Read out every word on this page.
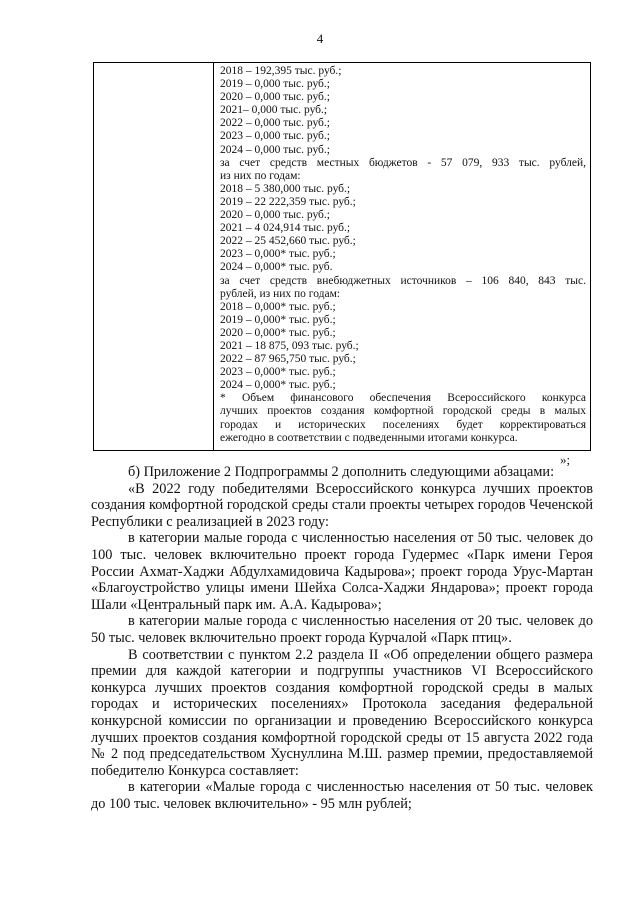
4
2018 – 192,395 тыс. руб.;
2019 – 0,000 тыс. руб.;
2020 – 0,000 тыс. руб.;
2021– 0,000 тыс. руб.;
2022 – 0,000 тыс. руб.;
2023 – 0,000 тыс. руб.;
2024 – 0,000 тыс. руб.;
за счет средств местных бюджетов - 57 079, 933 тыс. рублей,
из них по годам:
2018 – 5 380,000 тыс. руб.;
2019 – 22 222,359 тыс. руб.;
2020 – 0,000 тыс. руб.;
2021 – 4 024,914 тыс. руб.;
2022 – 25 452,660 тыс. руб.;
2023 – 0,000* тыс. руб.;
2024 – 0,000* тыс. руб.
за счет средств внебюджетных источников – 106 840, 843 тыс.
рублей, из них по годам:
2018 – 0,000* тыс. руб.;
2019 – 0,000* тыс. руб.;
2020 – 0,000* тыс. руб.;
2021 – 18 875, 093 тыс. руб.;
2022 – 87 965,750 тыс. руб.;
2023 – 0,000* тыс. руб.;
2024 – 0,000* тыс. руб.;
* Объем финансового обеспечения Всероссийского конкурса
лучших проектов создания комфортной городской среды в малых
городах и исторических поселениях будет корректироваться
ежегодно в соответствии с подведенными итогами конкурса.
»;

б) Приложение 2 Подпрограммы 2 дополнить следующими абзацами:

«В 2022 году победителями Всероссийского конкурса лучших проектов создания комфортной городской среды стали проекты четырех городов Чеченской Республики с реализацией в 2023 году:

в категории малые города с численностью населения от 50 тыс. человек до 100 тыс. человек включительно проект города Гудермес «Парк имени Героя России Ахмат-Хаджи Абдулхамидовича Кадырова»; проект города Урус-Мартан «Благоустройство улицы имени Шейха Солса-Хаджи Яндарова»; проект города Шали «Центральный парк им. А.А. Кадырова»;

в категории малые города с численностью населения от 20 тыс. человек до 50 тыс. человек включительно проект города Курчалой «Парк птиц».

В соответствии с пунктом 2.2 раздела II «Об определении общего размера премии для каждой категории и подгруппы участников VI Всероссийского конкурса лучших проектов создания комфортной городской среды в малых городах и исторических поселениях» Протокола заседания федеральной конкурсной комиссии по организации и проведению Всероссийского конкурса лучших проектов создания комфортной городской среды от 15 августа 2022 года № 2 под председательством Хуснуллина М.Ш. размер премии, предоставляемой победителю Конкурса составляет:

в категории «Малые города с численностью населения от 50 тыс. человек до 100 тыс. человек включительно» - 95 млн рублей;
